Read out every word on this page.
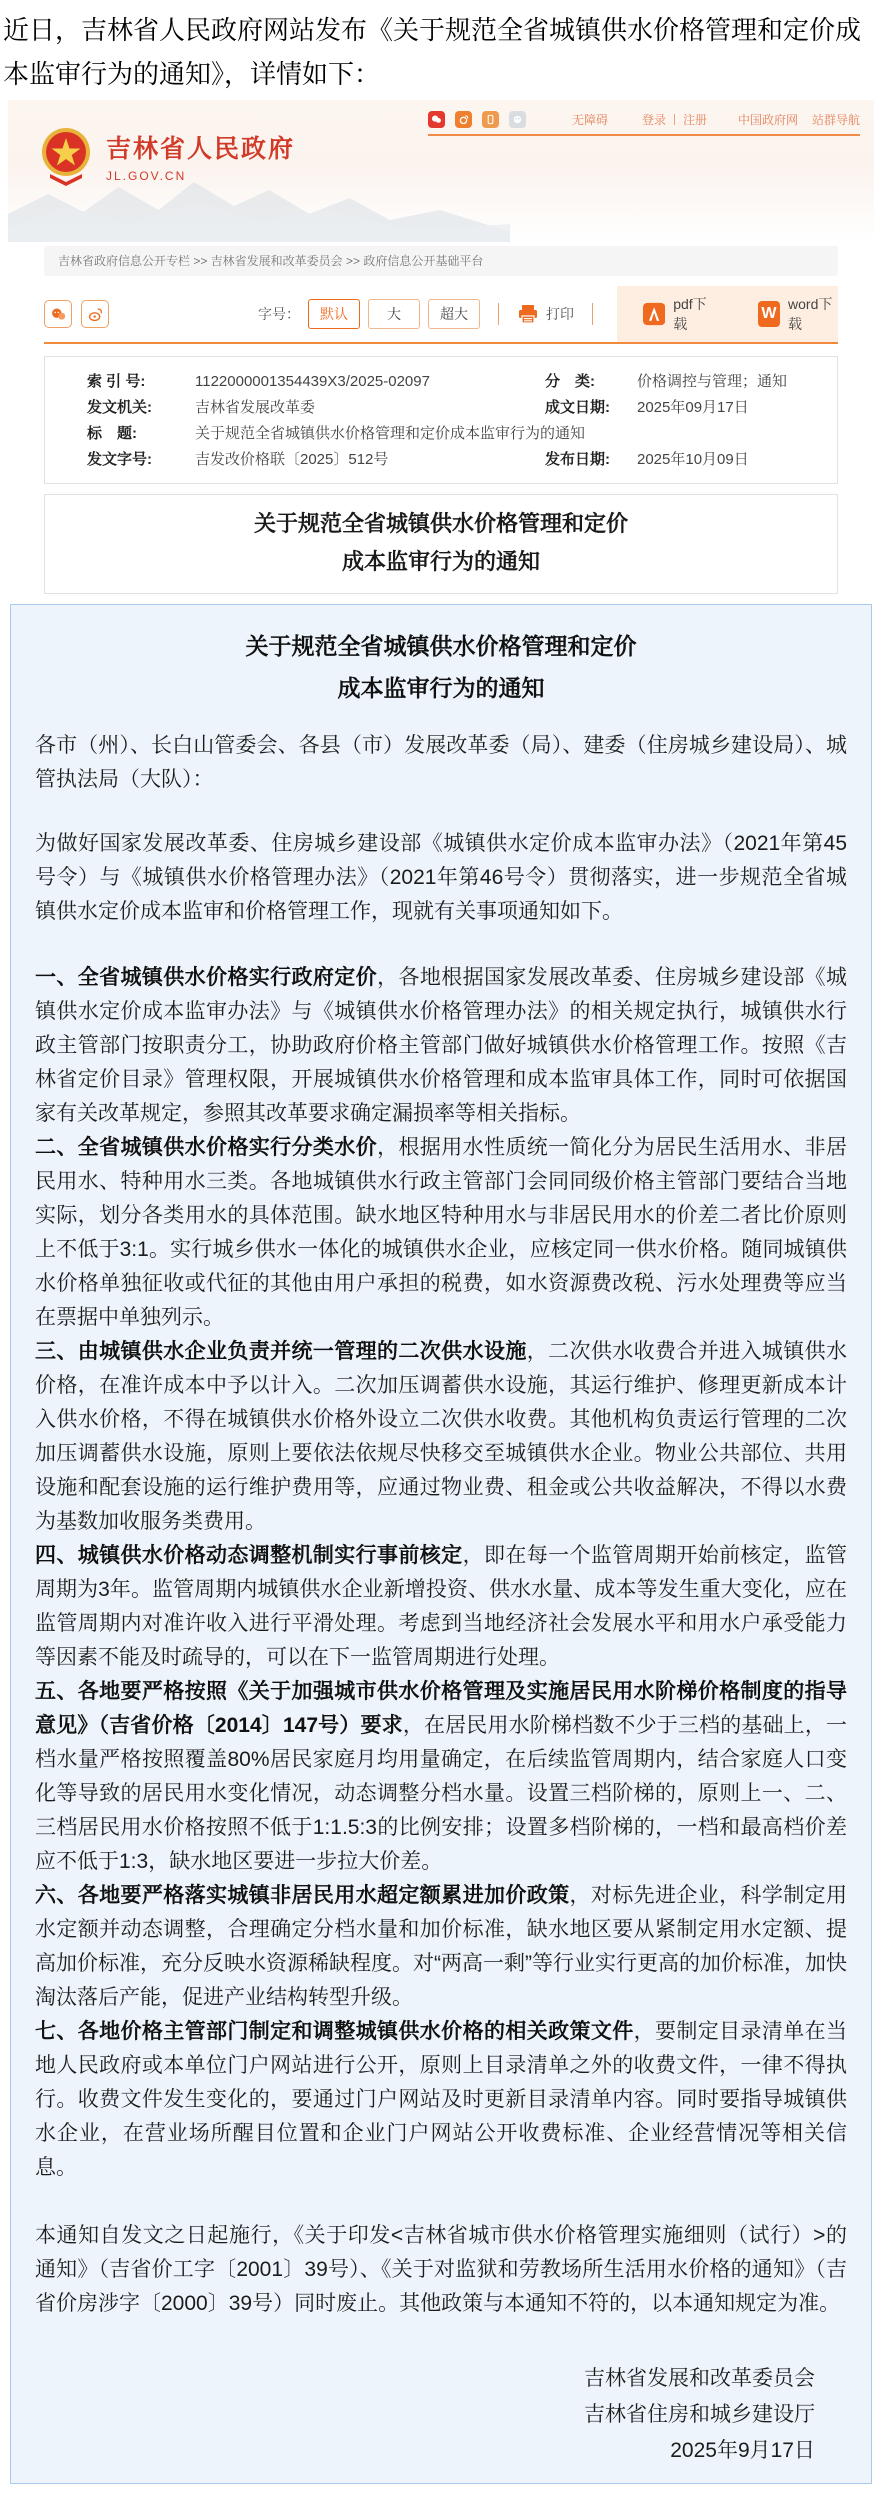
近日，吉林省人民政府网站发布《关于规范全省城镇供水价格管理和定价成本监审行为的通知》，详情如下：

吉林省人民政府
JL.GOV.CN
无障碍	登录 注册	中国政府网 站群导航
吉林省政府信息公开专栏 >> 吉林省发展和改革委员会 >> 政府信息公开基础平台
字号：	默认	大	超大	打印
pdf下载
W
word下载
索 引 号:	1122000001354439X3/2025-02097	分　类:	价格调控与管理；通知
发文机关:	吉林省发展改革委	成文日期:	2025年09月17日
标　题:	关于规范全省城镇供水价格管理和定价成本监审行为的通知
发文字号:	吉发改价格联〔2025〕512号	发布日期:	2025年10月09日
关于规范全省城镇供水价格管理和定价
成本监审行为的通知
关于规范全省城镇供水价格管理和定价
成本监审行为的通知

各市（州）、长白山管委会、各县（市）发展改革委（局）、建委（住房城乡建设局）、城管执法局（大队）：

为做好国家发展改革委、住房城乡建设部《城镇供水定价成本监审办法》（2021年第45号令）与《城镇供水价格管理办法》（2021年第46号令）贯彻落实，进一步规范全省城镇供水定价成本监审和价格管理工作，现就有关事项通知如下。

一、全省城镇供水价格实行政府定价，各地根据国家发展改革委、住房城乡建设部《城镇供水定价成本监审办法》与《城镇供水价格管理办法》的相关规定执行，城镇供水行政主管部门按职责分工，协助政府价格主管部门做好城镇供水价格管理工作。按照《吉林省定价目录》管理权限，开展城镇供水价格管理和成本监审具体工作，同时可依据国家有关改革规定，参照其改革要求确定漏损率等相关指标。

二、全省城镇供水价格实行分类水价，根据用水性质统一简化分为居民生活用水、非居民用水、特种用水三类。各地城镇供水行政主管部门会同同级价格主管部门要结合当地实际，划分各类用水的具体范围。缺水地区特种用水与非居民用水的价差二者比价原则上不低于3:1。实行城乡供水一体化的城镇供水企业，应核定同一供水价格。随同城镇供水价格单独征收或代征的其他由用户承担的税费，如水资源费改税、污水处理费等应当在票据中单独列示。

三、由城镇供水企业负责并统一管理的二次供水设施，二次供水收费合并进入城镇供水价格，在准许成本中予以计入。二次加压调蓄供水设施，其运行维护、修理更新成本计入供水价格，不得在城镇供水价格外设立二次供水收费。其他机构负责运行管理的二次加压调蓄供水设施，原则上要依法依规尽快移交至城镇供水企业。物业公共部位、共用设施和配套设施的运行维护费用等，应通过物业费、租金或公共收益解决，不得以水费为基数加收服务类费用。

四、城镇供水价格动态调整机制实行事前核定，即在每一个监管周期开始前核定，监管周期为3年。监管周期内城镇供水企业新增投资、供水水量、成本等发生重大变化，应在监管周期内对准许收入进行平滑处理。考虑到当地经济社会发展水平和用水户承受能力等因素不能及时疏导的，可以在下一监管周期进行处理。

五、各地要严格按照《关于加强城市供水价格管理及实施居民用水阶梯价格制度的指导意见》（吉省价格〔2014〕147号）要求，在居民用水阶梯档数不少于三档的基础上，一档水量严格按照覆盖80%居民家庭月均用量确定，在后续监管周期内，结合家庭人口变化等导致的居民用水变化情况，动态调整分档水量。设置三档阶梯的，原则上一、二、三档居民用水价格按照不低于1:1.5:3的比例安排；设置多档阶梯的，一档和最高档价差应不低于1:3，缺水地区要进一步拉大价差。

六、各地要严格落实城镇非居民用水超定额累进加价政策，对标先进企业，科学制定用水定额并动态调整，合理确定分档水量和加价标准，缺水地区要从紧制定用水定额、提高加价标准，充分反映水资源稀缺程度。对“两高一剩”等行业实行更高的加价标准，加快淘汰落后产能，促进产业结构转型升级。

七、各地价格主管部门制定和调整城镇供水价格的相关政策文件，要制定目录清单在当地人民政府或本单位门户网站进行公开，原则上目录清单之外的收费文件，一律不得执行。收费文件发生变化的，要通过门户网站及时更新目录清单内容。同时要指导城镇供水企业，在营业场所醒目位置和企业门户网站公开收费标准、企业经营情况等相关信息。

本通知自发文之日起施行，《关于印发<吉林省城市供水价格管理实施细则（试行）>的通知》（吉省价工字〔2001〕39号）、《关于对监狱和劳教场所生活用水价格的通知》（吉省价房涉字〔2000〕39号）同时废止。其他政策与本通知不符的，以本通知规定为准。

吉林省发展和改革委员会
吉林省住房和城乡建设厅
2025年9月17日
